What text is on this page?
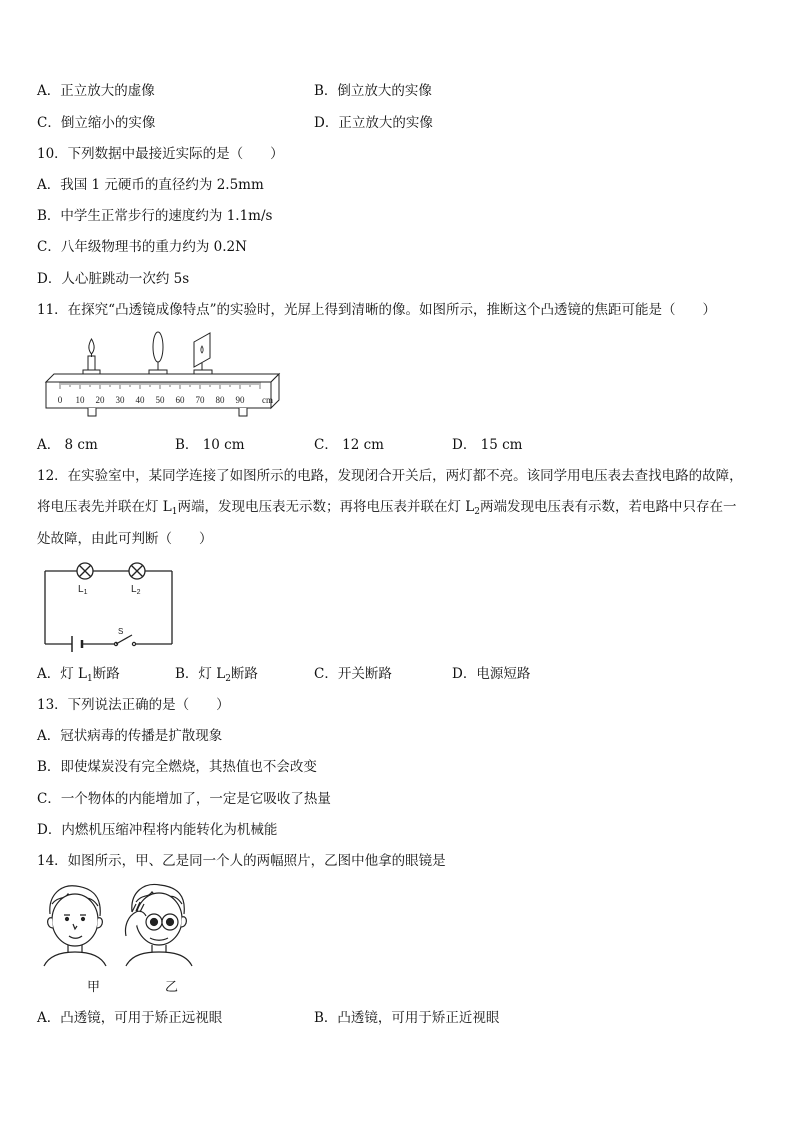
A．正立放大的虚像	B．倒立放大的实像
C．倒立缩小的实像	D．正立放大的实像
10．下列数据中最接近实际的是（　　）
A．我国 1 元硬币的直径约为 2.5mm
B．中学生正常步行的速度约为 1.1m/s
C．八年级物理书的重力约为 0.2N
D．人心脏跳动一次约 5s
11．在探究“凸透镜成像特点”的实验时，光屏上得到清晰的像。如图所示，推断这个凸透镜的焦距可能是（　　）
0 10 20 30 40 50 60 70 80 90 cm
A． 8 cm	B． 10 cm	C． 12 cm	D． 15 cm
12．在实验室中，某同学连接了如图所示的电路，发现闭合开关后，两灯都不亮。该同学用电压表去查找电路的故障，
将电压表先并联在灯 $L_1$两端，发现电压表无示数；再将电压表并联在灯 $L_2$两端发现电压表有示数，若电路中只存在一
处故障，由此可判断（　　）
$L_1$	$L_2$
S
A．灯 $L_1$断路	B．灯 $L_2$断路	C．开关断路	D．电源短路
13．下列说法正确的是（　　）
A．冠状病毒的传播是扩散现象
B．即使煤炭没有完全燃烧，其热值也不会改变
C．一个物体的内能增加了，一定是它吸收了热量
D．内燃机压缩冲程将内能转化为机械能
14．如图所示，甲、乙是同一个人的两幅照片，乙图中他拿的眼镜是
甲	乙
A．凸透镜，可用于矫正远视眼	B．凸透镜，可用于矫正近视眼
